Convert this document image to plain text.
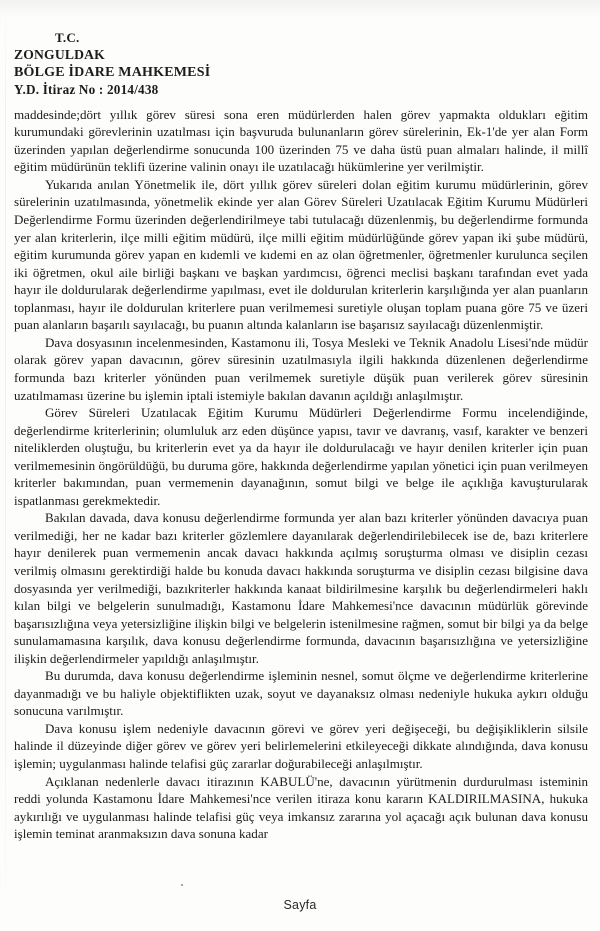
T.C.
ZONGULDAK
BÖLGE İDARE MAHKEMESİ
Y.D. İtiraz No : 2014/438

maddesinde;dört yıllık görev süresi sona eren müdürlerden halen görev yapmakta oldukları eğitim kurumundaki görevlerinin uzatılması için başvuruda bulunanların görev sürelerinin, Ek-1'de yer alan Form üzerinden yapılan değerlendirme sonucunda 100 üzerinden 75 ve daha üstü puan almaları halinde, il millî eğitim müdürünün teklifi üzerine valinin onayı ile uzatılacağı hükümlerine yer verilmiştir.

Yukarıda anılan Yönetmelik ile, dört yıllık görev süreleri dolan eğitim kurumu müdürlerinin, görev sürelerinin uzatılmasında, yönetmelik ekinde yer alan Görev Süreleri Uzatılacak Eğitim Kurumu Müdürleri Değerlendirme Formu üzerinden değerlendirilmeye tabi tutulacağı düzenlenmiş, bu değerlendirme formunda yer alan kriterlerin, ilçe milli eğitim müdürü, ilçe milli eğitim müdürlüğünde görev yapan iki şube müdürü, eğitim kurumunda görev yapan en kıdemli ve kıdemi en az olan öğretmenler, öğretmenler kurulunca seçilen iki öğretmen, okul aile birliği başkanı ve başkan yardımcısı, öğrenci meclisi başkanı tarafından evet yada hayır ile doldurularak değerlendirme yapılması, evet ile doldurulan kriterlerin karşılığında yer alan puanların toplanması, hayır ile doldurulan kriterlere puan verilmemesi suretiyle oluşan toplam puana göre 75 ve üzeri puan alanların başarılı sayılacağı, bu puanın altında kalanların ise başarısız sayılacağı düzenlenmiştir.

Dava dosyasının incelenmesinden, Kastamonu ili, Tosya Mesleki ve Teknik Anadolu Lisesi'nde müdür olarak görev yapan davacının, görev süresinin uzatılmasıyla ilgili hakkında düzenlenen değerlendirme formunda bazı kriterler yönünden puan verilmemek suretiyle düşük puan verilerek görev süresinin uzatılmaması üzerine bu işlemin iptali istemiyle bakılan davanın açıldığı anlaşılmıştır.

Görev Süreleri Uzatılacak Eğitim Kurumu Müdürleri Değerlendirme Formu incelendiğinde, değerlendirme kriterlerinin; olumluluk arz eden düşünce yapısı, tavır ve davranış, vasıf, karakter ve benzeri niteliklerden oluştuğu, bu kriterlerin evet ya da hayır ile doldurulacağı ve hayır denilen kriterler için puan verilmemesinin öngörüldüğü, bu duruma göre, hakkında değerlendirme yapılan yönetici için puan verilmeyen kriterler bakımından, puan vermemenin dayanağının, somut bilgi ve belge ile açıklığa kavuşturularak ispatlanması gerekmektedir.

Bakılan davada, dava konusu değerlendirme formunda yer alan bazı kriterler yönünden davacıya puan verilmediği, her ne kadar bazı kriterler gözlemlere dayanılarak değerlendirilebilecek ise de, bazı kriterlere hayır denilerek puan vermemenin ancak davacı hakkında açılmış soruşturma olması ve disiplin cezası verilmiş olmasını gerektirdiği halde bu konuda davacı hakkında soruşturma ve disiplin cezası bilgisine dava dosyasında yer verilmediği, bazıkriterler hakkında kanaat bildirilmesine karşılık bu değerlendirmeleri haklı kılan bilgi ve belgelerin sunulmadığı, Kastamonu İdare Mahkemesi'nce davacının müdürlük görevinde başarısızlığına veya yetersizliğine ilişkin bilgi ve belgelerin istenilmesine rağmen, somut bir bilgi ya da belge sunulamamasına karşılık, dava konusu değerlendirme formunda, davacının başarısızlığına ve yetersizliğine ilişkin değerlendirmeler yapıldığı anlaşılmıştır.

Bu durumda, dava konusu değerlendirme işleminin nesnel, somut ölçme ve değerlendirme kriterlerine dayanmadığı ve bu haliyle objektiflikten uzak, soyut ve dayanaksız olması nedeniyle hukuka aykırı olduğu sonucuna varılmıştır.

Dava konusu işlem nedeniyle davacının görevi ve görev yeri değişeceği, bu değişikliklerin silsile halinde il düzeyinde diğer görev ve görev yeri belirlemelerini etkileyeceği dikkate alındığında, dava konusu işlemin; uygulanması halinde telafisi güç zararlar doğurabileceği anlaşılmıştır.

Açıklanan nedenlerle davacı itirazının KABULÜ'ne, davacının yürütmenin durdurulması isteminin reddi yolunda Kastamonu İdare Mahkemesi'nce verilen itiraza konu kararın KALDIRILMASINA, hukuka aykırılığı ve uygulanması halinde telafisi güç veya imkansız zararına yol açacağı açık bulunan dava konusu işlemin teminat aranmaksızın dava sonuna kadar

Sayfa
